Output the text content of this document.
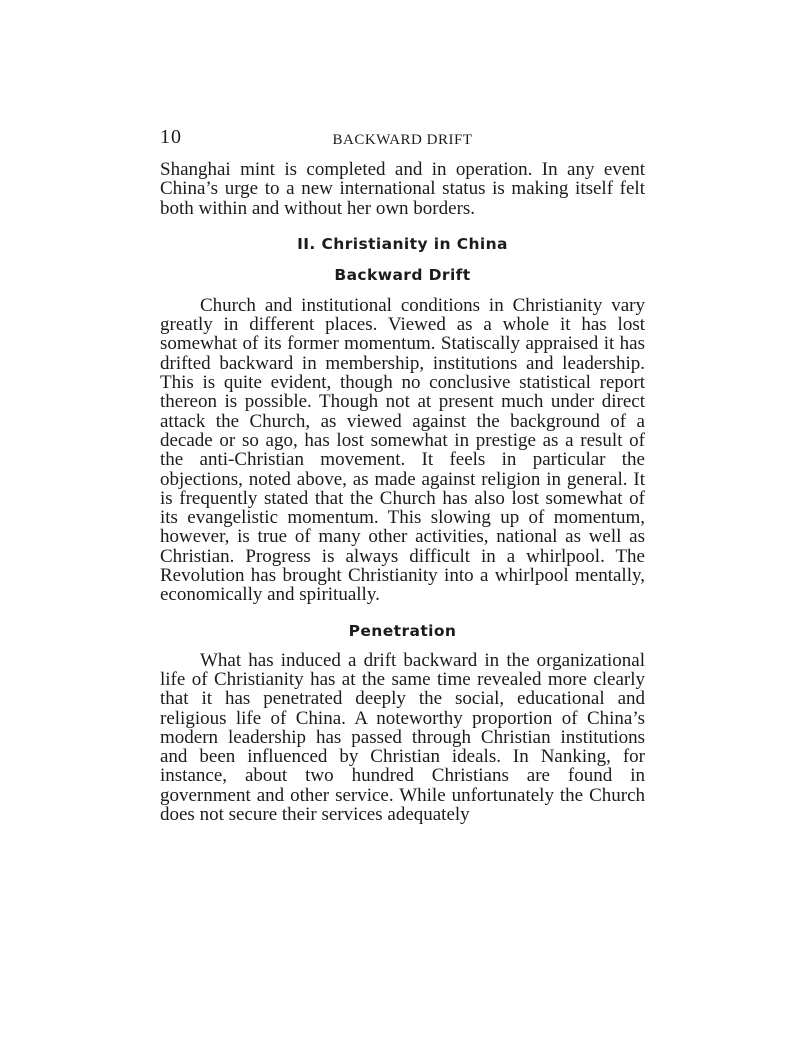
10	BACKWARD DRIFT

Shanghai mint is completed and in operation. In any event China’s urge to a new international status is making itself felt both within and without her own borders.

II. Christianity in China
Backward Drift

Church and institutional conditions in Christianity vary greatly in different places. Viewed as a whole it has lost somewhat of its former momentum. Statiscally appraised it has drifted backward in membership, institutions and leadership. This is quite evident, though no conclusive statistical report thereon is possible. Though not at present much under direct attack the Church, as viewed against the background of a decade or so ago, has lost somewhat in prestige as a result of the anti-Christian movement. It feels in particular the objections, noted above, as made against religion in general. It is frequently stated that the Church has also lost somewhat of its evangelistic momentum. This slowing up of momentum, however, is true of many other activities, national as well as Christian. Progress is always difficult in a whirlpool. The Revolution has brought Christianity into a whirlpool mentally, economically and spiritually.

Penetration

What has induced a drift backward in the organizational life of Christianity has at the same time revealed more clearly that it has penetrated deeply the social, educational and religious life of China. A noteworthy proportion of China’s modern leadership has passed through Christian institutions and been influenced by Christian ideals. In Nanking, for instance, about two hundred Christians are found in government and other service. While unfortunately the Church does not secure their services adequately
